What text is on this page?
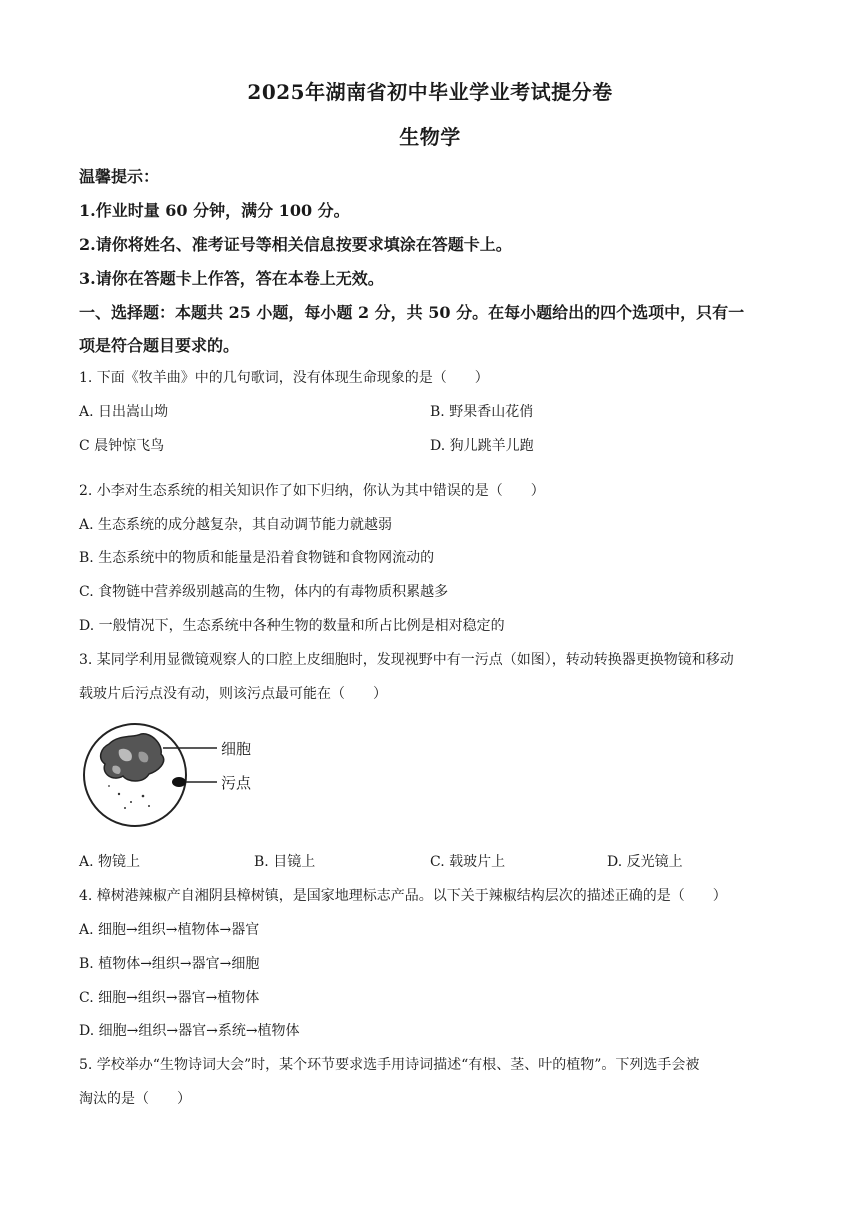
2025年湖南省初中毕业学业考试提分卷
生物学
温馨提示：
1.作业时量 60 分钟，满分 100 分。
2.请你将姓名、准考证号等相关信息按要求填涂在答题卡上。
3.请你在答题卡上作答，答在本卷上无效。
一、选择题：本题共 25 小题，每小题 2 分，共 50 分。在每小题给出的四个选项中，只有一
项是符合题目要求的。
1. 下面《牧羊曲》中的几句歌词，没有体现生命现象的是（　　）
A. 日出嵩山坳	B. 野果香山花俏
C 晨钟惊飞鸟	D. 狗儿跳羊儿跑
2. 小李对生态系统的相关知识作了如下归纳，你认为其中错误的是（　　）
A. 生态系统的成分越复杂，其自动调节能力就越弱
B. 生态系统中的物质和能量是沿着食物链和食物网流动的
C. 食物链中营养级别越高的生物，体内的有毒物质积累越多
D. 一般情况下，生态系统中各种生物的数量和所占比例是相对稳定的
3. 某同学利用显微镜观察人的口腔上皮细胞时，发现视野中有一污点（如图），转动转换器更换物镜和移动
载玻片后污点没有动，则该污点最可能在（　　）
细胞
污点
A. 物镜上	B. 目镜上	C. 载玻片上	D. 反光镜上
4. 樟树港辣椒产自湘阴县樟树镇，是国家地理标志产品。以下关于辣椒结构层次的描述正确的是（　　）
A. 细胞→组织→植物体→器官
B. 植物体→组织→器官→细胞
C. 细胞→组织→器官→植物体
D. 细胞→组织→器官→系统→植物体
5. 学校举办“生物诗词大会”时，某个环节要求选手用诗词描述“有根、茎、叶的植物”。下列选手会被
淘汰的是（　　）
